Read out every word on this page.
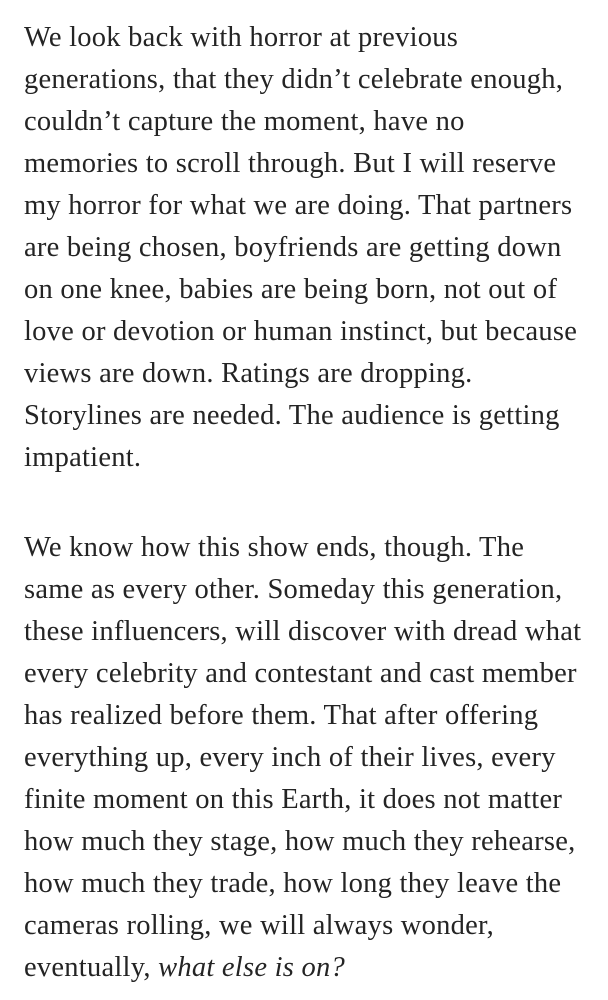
We look back with horror at previous
generations, that they didn’t celebrate enough,
couldn’t capture the moment, have no
memories to scroll through. But I will reserve
my horror for what we are doing. That partners
are being chosen, boyfriends are getting down
on one knee, babies are being born, not out of
love or devotion or human instinct, but because
views are down. Ratings are dropping.
Storylines are needed. The audience is getting
impatient.
We know how this show ends, though. The
same as every other. Someday this generation,
these influencers, will discover with dread what
every celebrity and contestant and cast member
has realized before them. That after offering
everything up, every inch of their lives, every
finite moment on this Earth, it does not matter
how much they stage, how much they rehearse,
how much they trade, how long they leave the
cameras rolling, we will always wonder,
eventually, what else is on?
